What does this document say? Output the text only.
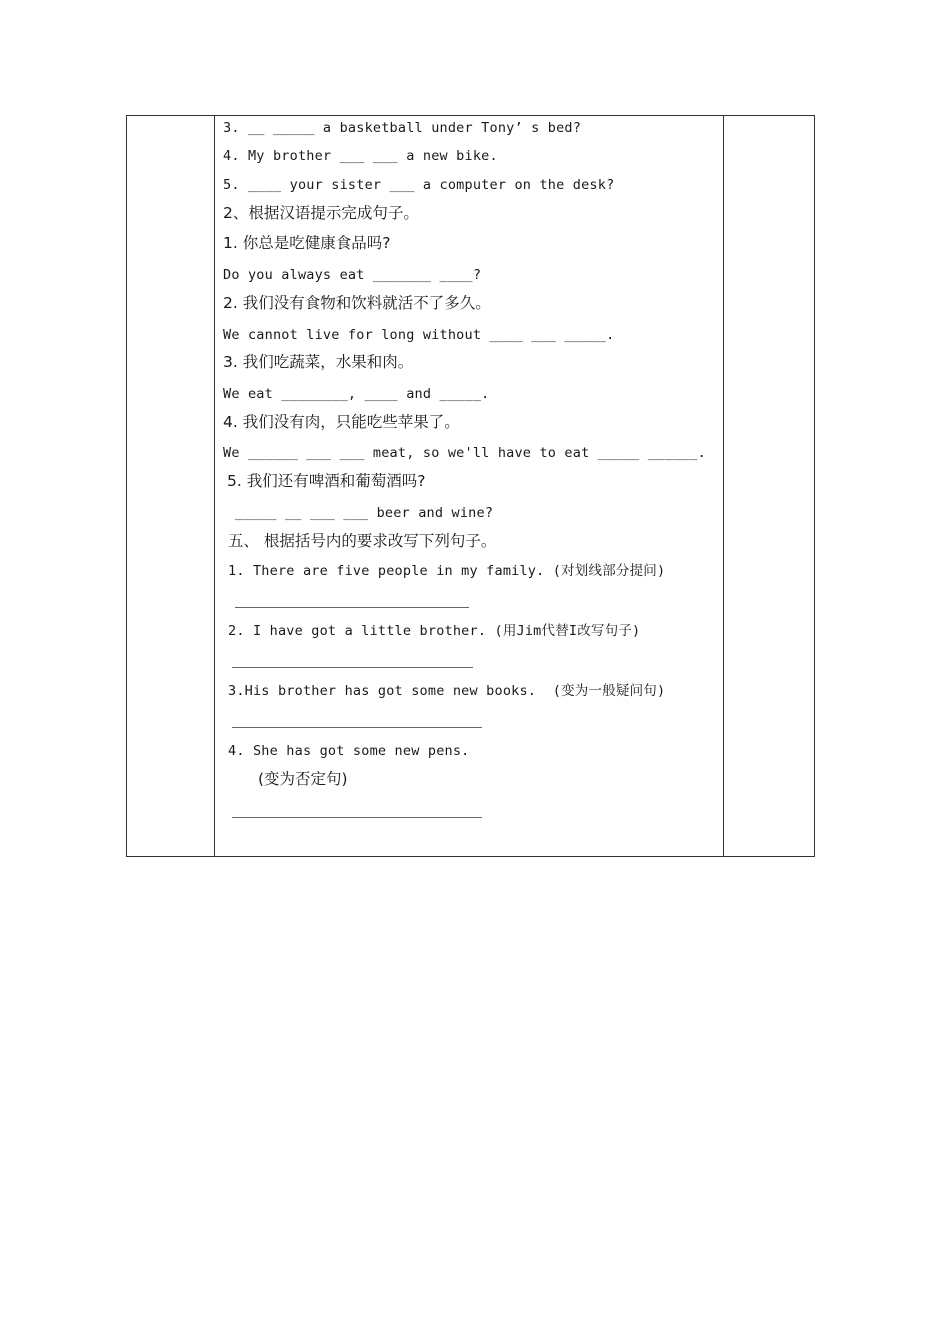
3. __ _____ a basketball under Tony’ s bed?
4. My brother ___ ___ a new bike.
5. ____ your sister ___ a computer on the desk?
2、根据汉语提示完成句子。
1. 你总是吃健康食品吗?
Do you always eat _______ ____?
2. 我们没有食物和饮料就活不了多久。
We cannot live for long without ____ ___ _____.
3. 我们吃蔬菜，水果和肉。
We eat ________, ____ and _____.
4. 我们没有肉，只能吃些苹果了。
We ______ ___ ___ meat, so we'll have to eat _____ ______.
5. 我们还有啤酒和葡萄酒吗?
_____ __ ___ ___ beer and wine?
五、 根据括号内的要求改写下列句子。
1. There are five people in my family. (对划线部分提问)
2. I have got a little brother. (用Jim代替I改写句子)
3.His brother has got some new books.  (变为一般疑问句)
4. She has got some new pens.
(变为否定句)
